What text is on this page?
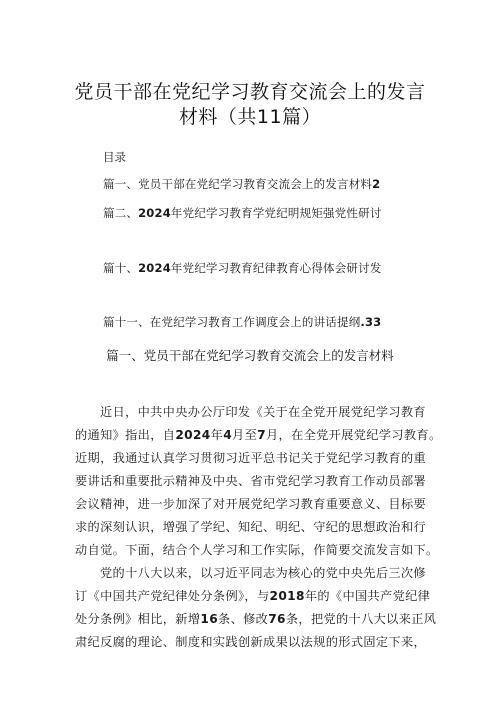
党员干部在党纪学习教育交流会上的发言
材料（共11篇）
目录
篇一、党员干部在党纪学习教育交流会上的发言材料2
篇二、2024年党纪学习教育学党纪明规矩强党性研讨
篇十、2024年党纪学习教育纪律教育心得体会研讨发
篇十一、在党纪学习教育工作调度会上的讲话提纲.33
篇一、党员干部在党纪学习教育交流会上的发言材料
近日，中共中央办公厅印发《关于在全党开展党纪学习教育
的通知》指出，自2024年4月至7月，在全党开展党纪学习教育。
近期，我通过认真学习贯彻习近平总书记关于党纪学习教育的重
要讲话和重要批示精神及中央、省市党纪学习教育工作动员部署
会议精神，进一步加深了对开展党纪学习教育重要意义、目标要
求的深刻认识，增强了学纪、知纪、明纪、守纪的思想政治和行
动自觉。下面，结合个人学习和工作实际，作简要交流发言如下。
党的十八大以来，以习近平同志为核心的党中央先后三次修
订《中国共产党纪律处分条例》，与2018年的《中国共产党纪律
处分条例》相比，新增16条、修改76条，把党的十八大以来正风
肃纪反腐的理论、制度和实践创新成果以法规的形式固定下来，
